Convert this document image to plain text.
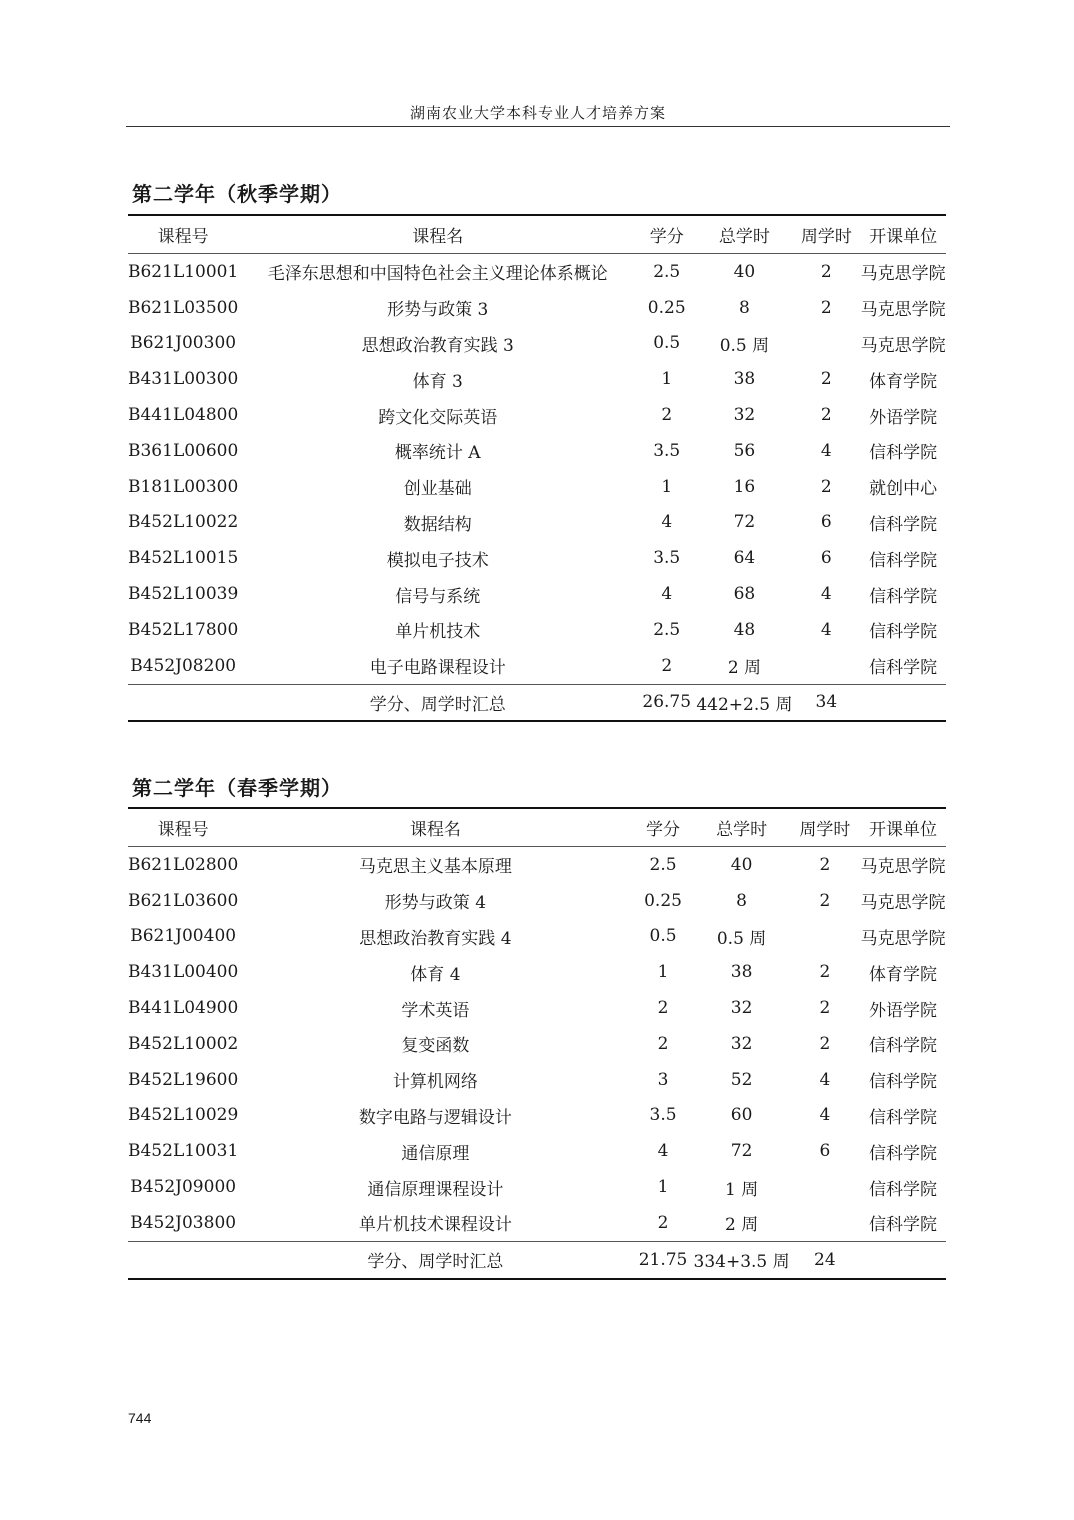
湖南农业大学本科专业人才培养方案
第二学年（秋季学期）
课程号	课程名	学分	总学时	周学时	开课单位
B621L10001	毛泽东思想和中国特色社会主义理论体系概论	2.5	40	2	马克思学院
B621L03500	形势与政策 3	0.25	8	2	马克思学院
B621J00300	思想政治教育实践 3	0.5	0.5 周		马克思学院
B431L00300	体育 3	1	38	2	体育学院
B441L04800	跨文化交际英语	2	32	2	外语学院
B361L00600	概率统计 A	3.5	56	4	信科学院
B181L00300	创业基础	1	16	2	就创中心
B452L10022	数据结构	4	72	6	信科学院
B452L10015	模拟电子技术	3.5	64	6	信科学院
B452L10039	信号与系统	4	68	4	信科学院
B452L17800	单片机技术	2.5	48	4	信科学院
B452J08200	电子电路课程设计	2	2 周		信科学院
	学分、周学时汇总	26.75	442+2.5 周	34	
第二学年（春季学期）
课程号	课程名	学分	总学时	周学时	开课单位
B621L02800	马克思主义基本原理	2.5	40	2	马克思学院
B621L03600	形势与政策 4	0.25	8	2	马克思学院
B621J00400	思想政治教育实践 4	0.5	0.5 周		马克思学院
B431L00400	体育 4	1	38	2	体育学院
B441L04900	学术英语	2	32	2	外语学院
B452L10002	复变函数	2	32	2	信科学院
B452L19600	计算机网络	3	52	4	信科学院
B452L10029	数字电路与逻辑设计	3.5	60	4	信科学院
B452L10031	通信原理	4	72	6	信科学院
B452J09000	通信原理课程设计	1	1 周		信科学院
B452J03800	单片机技术课程设计	2	2 周		信科学院
	学分、周学时汇总	21.75	334+3.5 周	24	
744
